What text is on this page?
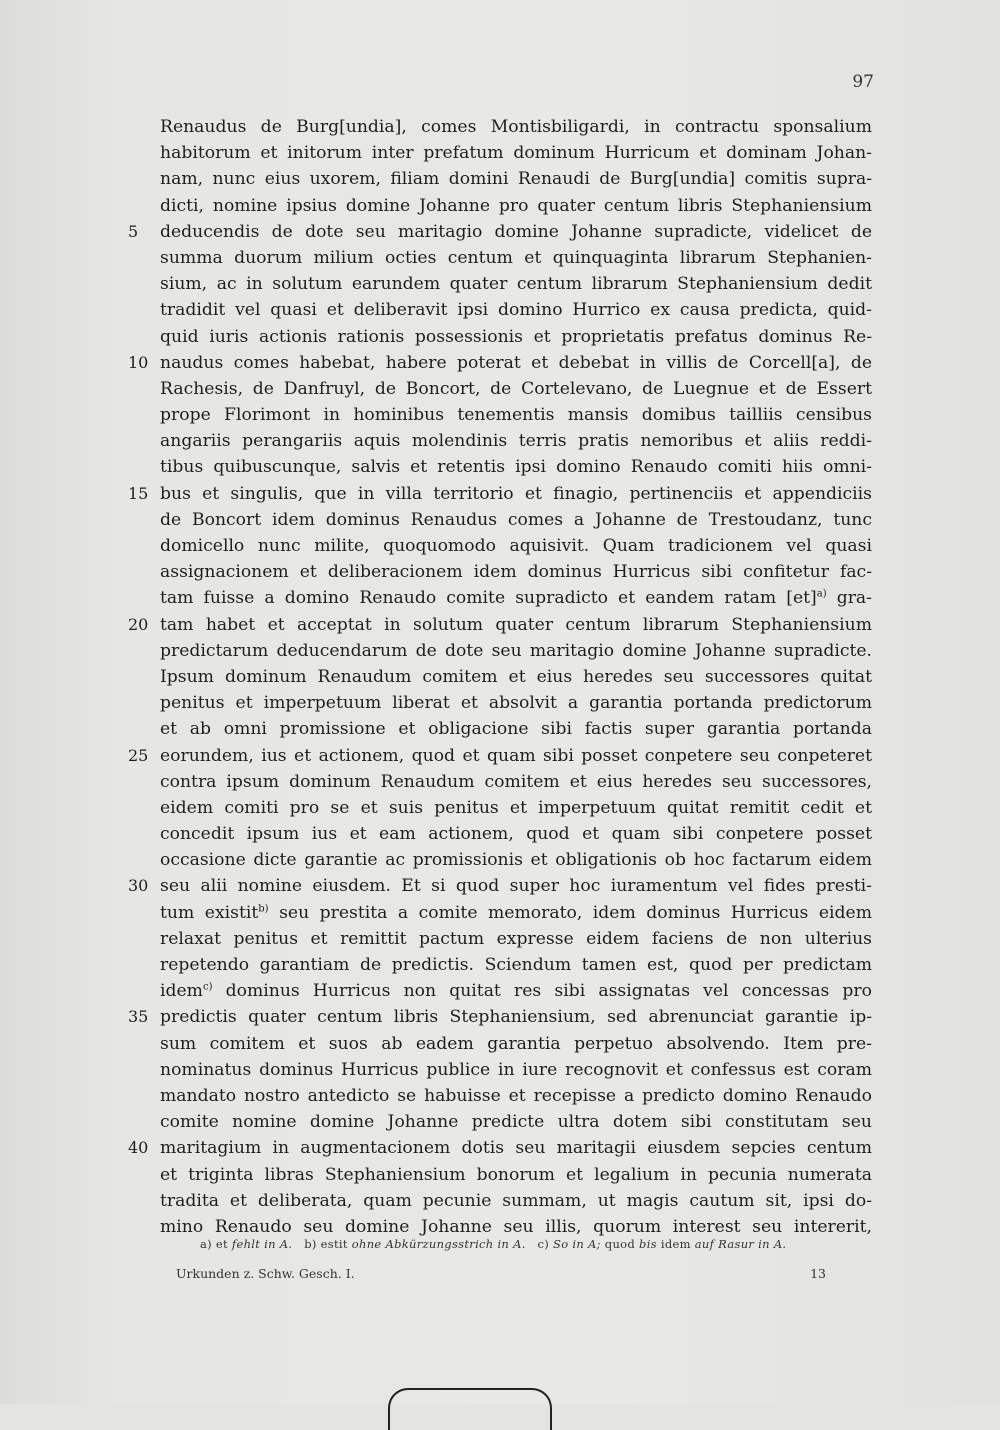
97
Renaudus de Burg[undia], comes Montisbiligardi, in contractu sponsalium
habitorum et initorum inter prefatum dominum Hurricum et dominam Johan-
nam, nunc eius uxorem, filiam domini Renaudi de Burg[undia] comitis supra-
dicti, nomine ipsius domine Johanne pro quater centum libris Stephaniensium
5	deducendis de dote seu maritagio domine Johanne supradicte, videlicet de
summa duorum milium octies centum et quinquaginta librarum Stephanien-
sium, ac in solutum earundem quater centum librarum Stephaniensium dedit
tradidit vel quasi et deliberavit ipsi domino Hurrico ex causa predicta, quid-
quid iuris actionis rationis possessionis et proprietatis prefatus dominus Re-
10 naudus comes habebat, habere poterat et debebat in villis de Corcell[a], de
Rachesis, de Danfruyl, de Boncort, de Cortelevano, de Luegnue et de Essert
prope Florimont in hominibus tenementis mansis domibus tailliis censibus
angariis perangariis aquis molendinis terris pratis nemoribus et aliis reddi-
tibus quibuscunque, salvis et retentis ipsi domino Renaudo comiti hiis omni-
15 bus et singulis, que in villa territorio et finagio, pertinenciis et appendiciis
de Boncort idem dominus Renaudus comes a Johanne de Trestoudanz, tunc
domicello nunc milite, quoquomodo aquisivit. Quam tradicionem vel quasi
assignacionem et deliberacionem idem dominus Hurricus sibi confitetur fac-
tam fuisse a domino Renaudo comite supradicto et eandem ratam [et]$^{a)}$ gra-
20 tam habet et acceptat in solutum quater centum librarum Stephaniensium
predictarum deducendarum de dote seu maritagio domine Johanne supradicte.
Ipsum dominum Renaudum comitem et eius heredes seu successores quitat
penitus et imperpetuum liberat et absolvit a garantia portanda predictorum
et ab omni promissione et obligacione sibi factis super garantia portanda
25 eorundem, ius et actionem, quod et quam sibi posset conpetere seu conpeteret
contra ipsum dominum Renaudum comitem et eius heredes seu successores,
eidem comiti pro se et suis penitus et imperpetuum quitat remitit cedit et
concedit ipsum ius et eam actionem, quod et quam sibi conpetere posset
occasione dicte garantie ac promissionis et obligationis ob hoc factarum eidem
30 seu alii nomine eiusdem. Et si quod super hoc iuramentum vel fides presti-
tum existit$^{b)}$ seu prestita a comite memorato, idem dominus Hurricus eidem
relaxat penitus et remittit pactum expresse eidem faciens de non ulterius
repetendo garantiam de predictis. Sciendum tamen est, quod per predictam
idem$^{c)}$ dominus Hurricus non quitat res sibi assignatas vel concessas pro
35 predictis quater centum libris Stephaniensium, sed abrenunciat garantie ip-
sum comitem et suos ab eadem garantia perpetuo absolvendo. Item pre-
nominatus dominus Hurricus publice in iure recognovit et confessus est coram
mandato nostro antedicto se habuisse et recepisse a predicto domino Renaudo
comite nomine domine Johanne predicte ultra dotem sibi constitutam seu
40 maritagium in augmentacionem dotis seu maritagii eiusdem sepcies centum
et triginta libras Stephaniensium bonorum et legalium in pecunia numerata
tradita et deliberata, quam pecunie summam, ut magis cautum sit, ipsi do-
mino Renaudo seu domine Johanne seu illis, quorum interest seu intererit,
a) et fehlt in A. b) estit ohne Abkürzungsstrich in A. c) So in A; quod bis idem auf Rasur in A.
Urkunden z. Schw. Gesch. I.	13
